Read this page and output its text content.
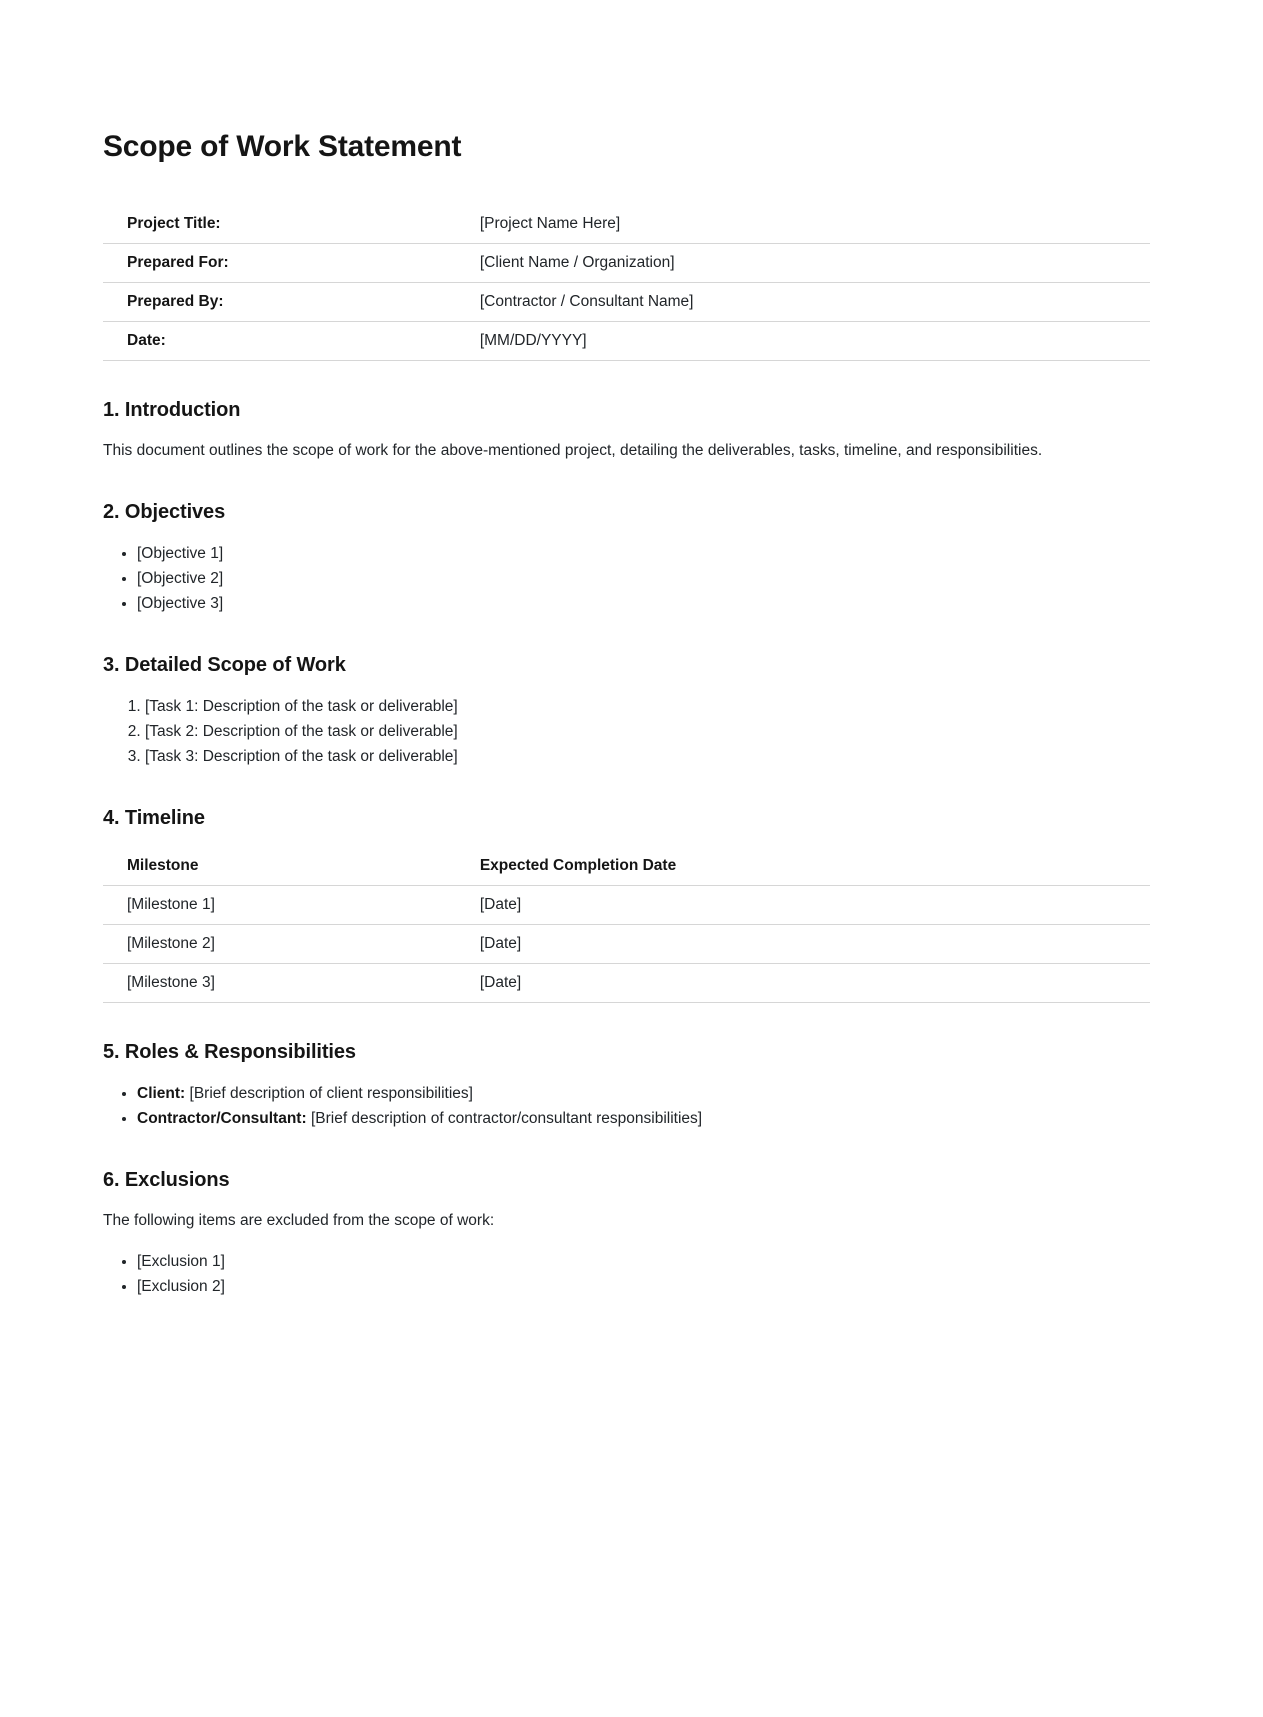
Scope of Work Statement
Project Title:	[Project Name Here]
Prepared For:	[Client Name / Organization]
Prepared By:	[Contractor / Consultant Name]
Date:	[MM/DD/YYYY]
1. Introduction

This document outlines the scope of work for the above-mentioned project, detailing the deliverables, tasks, timeline, and responsibilities.

2. Objectives
• [Objective 1]
• [Objective 2]
• [Objective 3]
3. Detailed Scope of Work
1. [Task 1: Description of the task or deliverable]
2. [Task 2: Description of the task or deliverable]
3. [Task 3: Description of the task or deliverable]
4. Timeline
Milestone	Expected Completion Date
[Milestone 1]	[Date]
[Milestone 2]	[Date]
[Milestone 3]	[Date]
5. Roles & Responsibilities
• Client: [Brief description of client responsibilities]
• Contractor/Consultant: [Brief description of contractor/consultant responsibilities]
6. Exclusions

The following items are excluded from the scope of work:

• [Exclusion 1]
• [Exclusion 2]
